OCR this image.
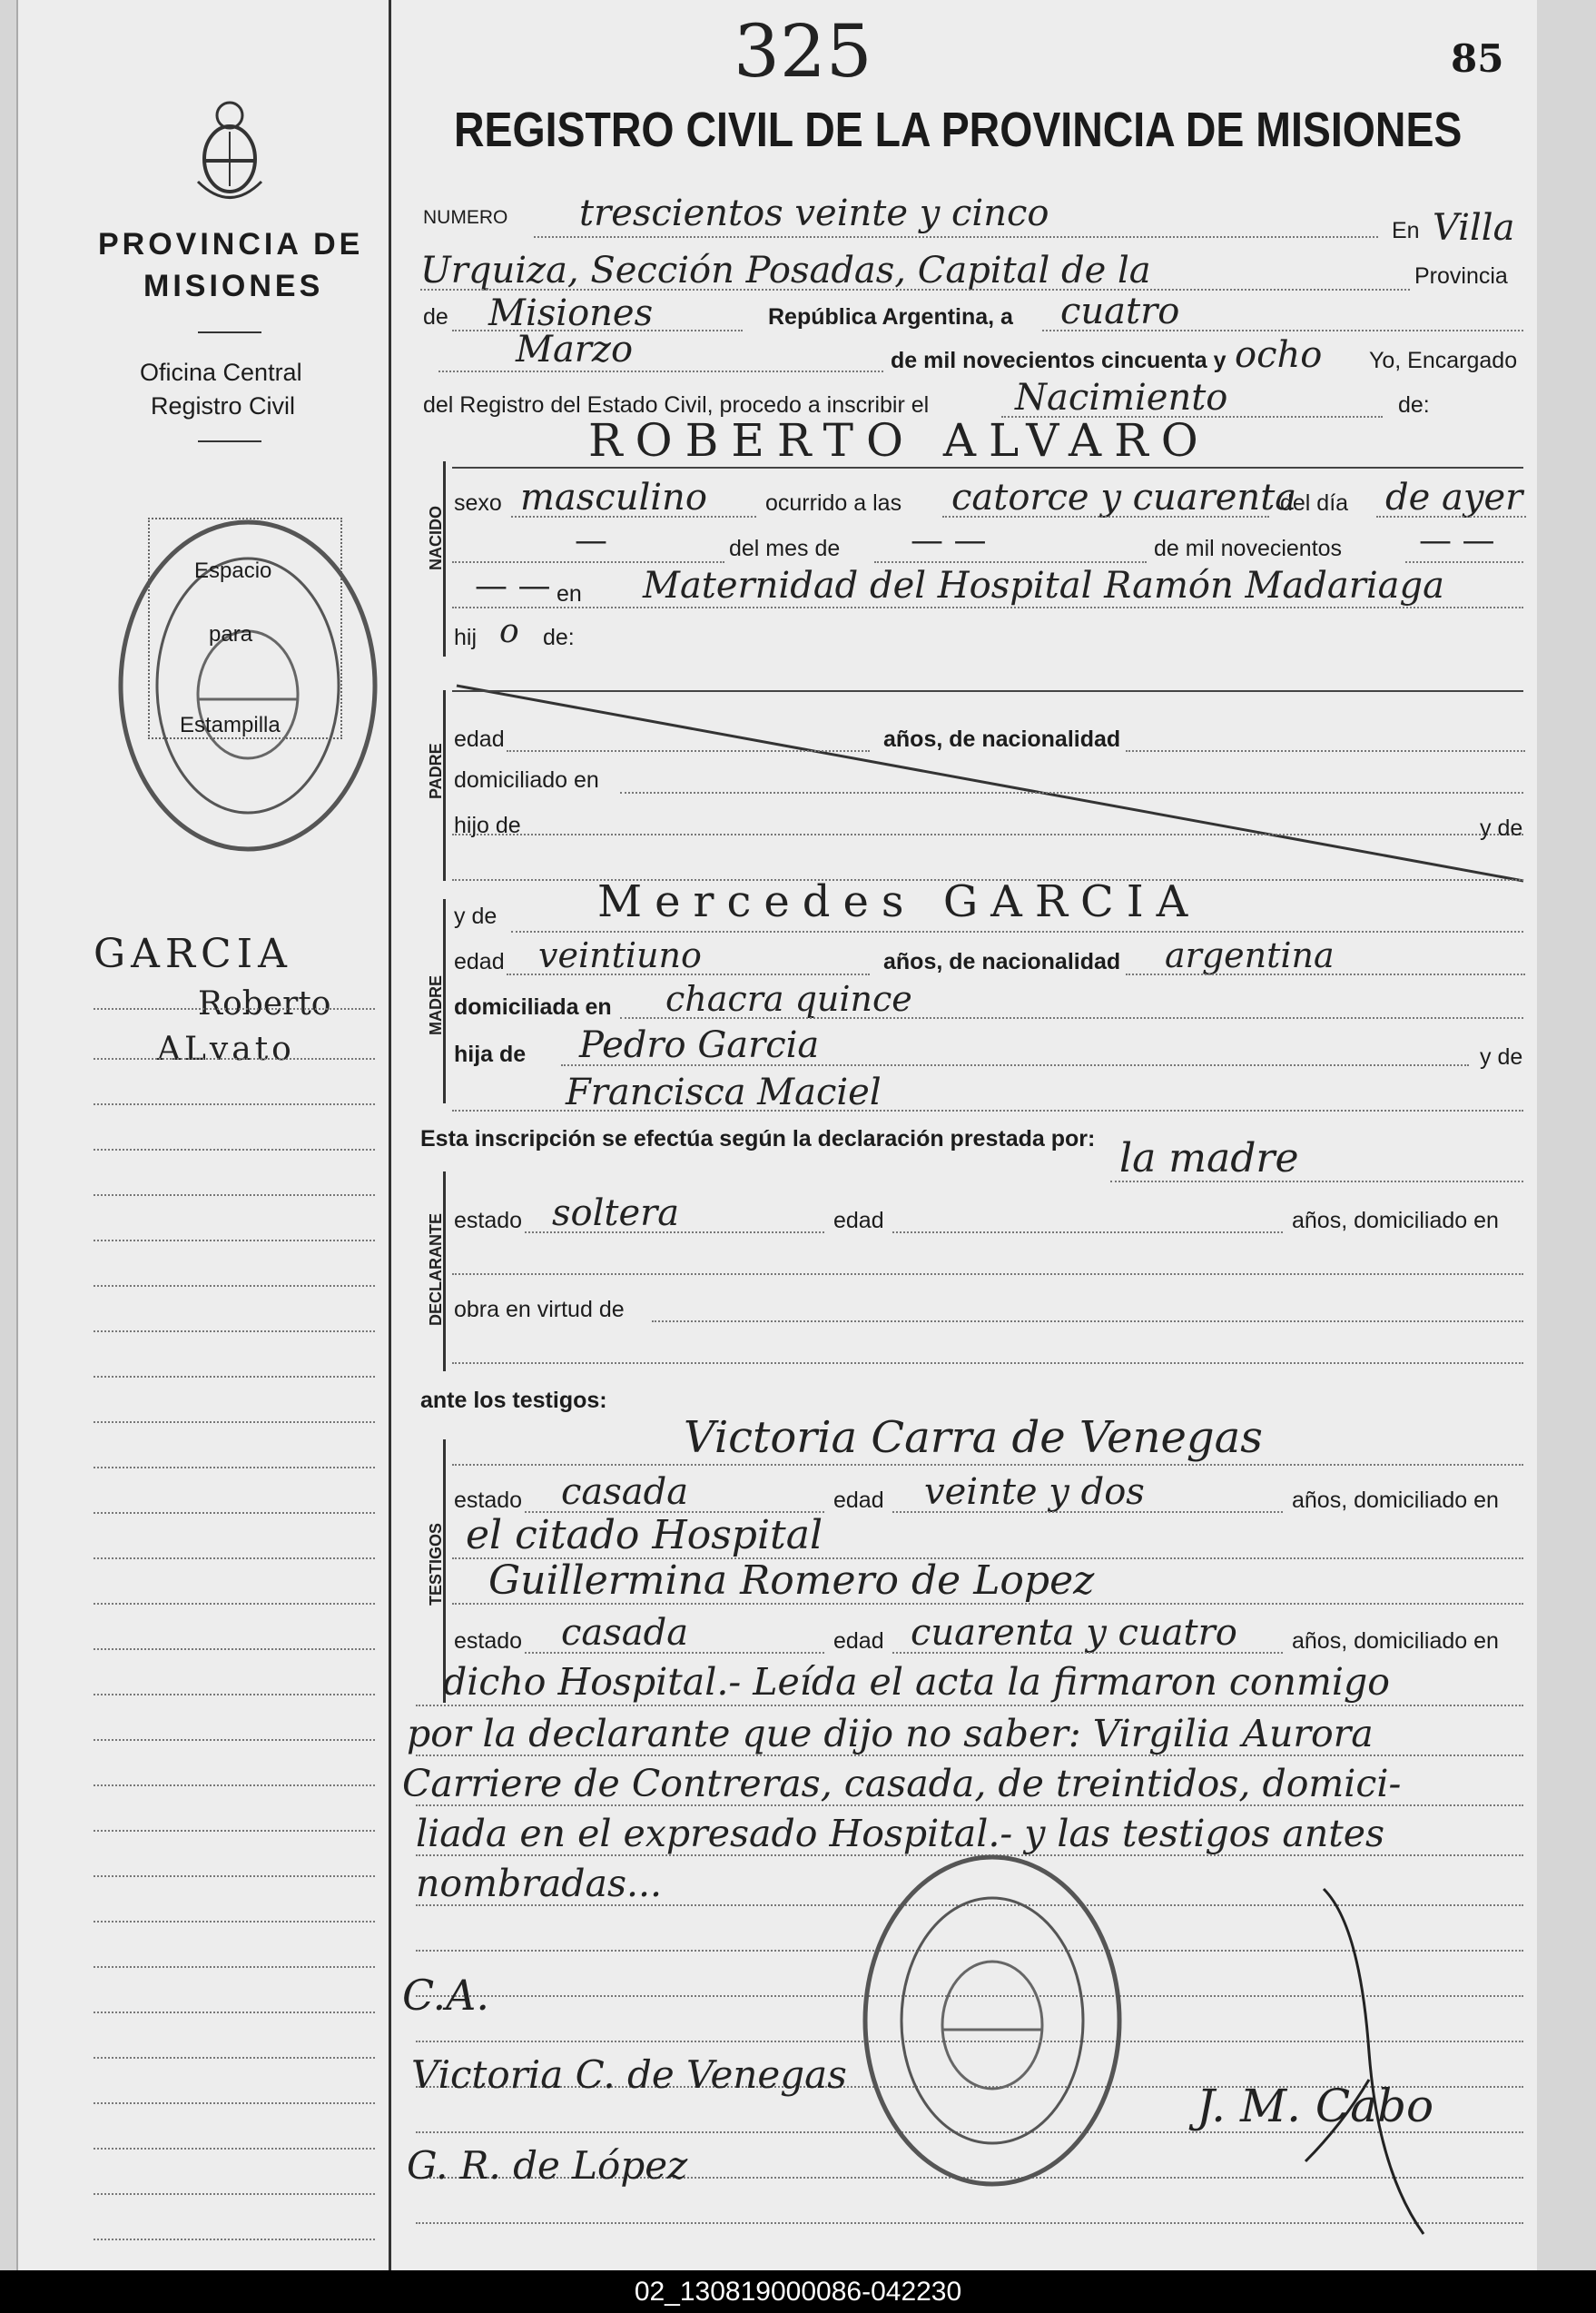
PROVINCIA DE
MISIONES
Oficina Central
Registro Civil
Espacio
para
Estampilla
GARCIA
Roberto
ALvato
325	85
REGISTRO CIVIL DE LA PROVINCIA DE MISIONES
NUMERO trescientos veinte y cinco	En Villa
Urquiza, Sección Posadas, Capital de la	Provincia
de Misiones	República Argentina, a cuatro
Marzo	de mil novecientos cincuenta y ocho Yo, Encargado
del Registro del Estado Civil, procedo a inscribir el Nacimiento	de:
NACIDO
ROBERTO ALVARO
sexo masculino	ocurrido a las catorce y cuarenta
del día de ayer
—	del mes de — —	de mil novecientos — —
— — en Maternidad del Hospital Ramón Madariaga
hij o de:
PADRE
edad	años, de nacionalidad
domiciliado en
hijo de	y de
MADRE
y de Mercedes GARCIA
edad veintiuno	años, de nacionalidad argentina
domiciliada en chacra quince
hija de Pedro Garcia	y de
Francisca Maciel
Esta inscripción se efectúa según la declaración prestada por: la madre
DECLARANTE estado soltera	edad	años, domiciliado en
obra en virtud de
ante los testigos:
Victoria Carra de Venegas
TESTIGOS
estado casada	edad veinte y dos	años, domiciliado en
el citado Hospital
Guillermina Romero de Lopez
estado casada	edad cuarenta y cuatro años, domiciliado en
dicho Hospital.- Leída el acta la firmaron conmigo
por la declarante que dijo no saber: Virgilia Aurora
Carriere de Contreras, casada, de treintidos, domici-
liada en el expresado Hospital.- y las testigos antes
nombradas...
C.A.
Victoria C. de Venegas
G. R. de López
J. M. Cabo
02_130819000086-042230
